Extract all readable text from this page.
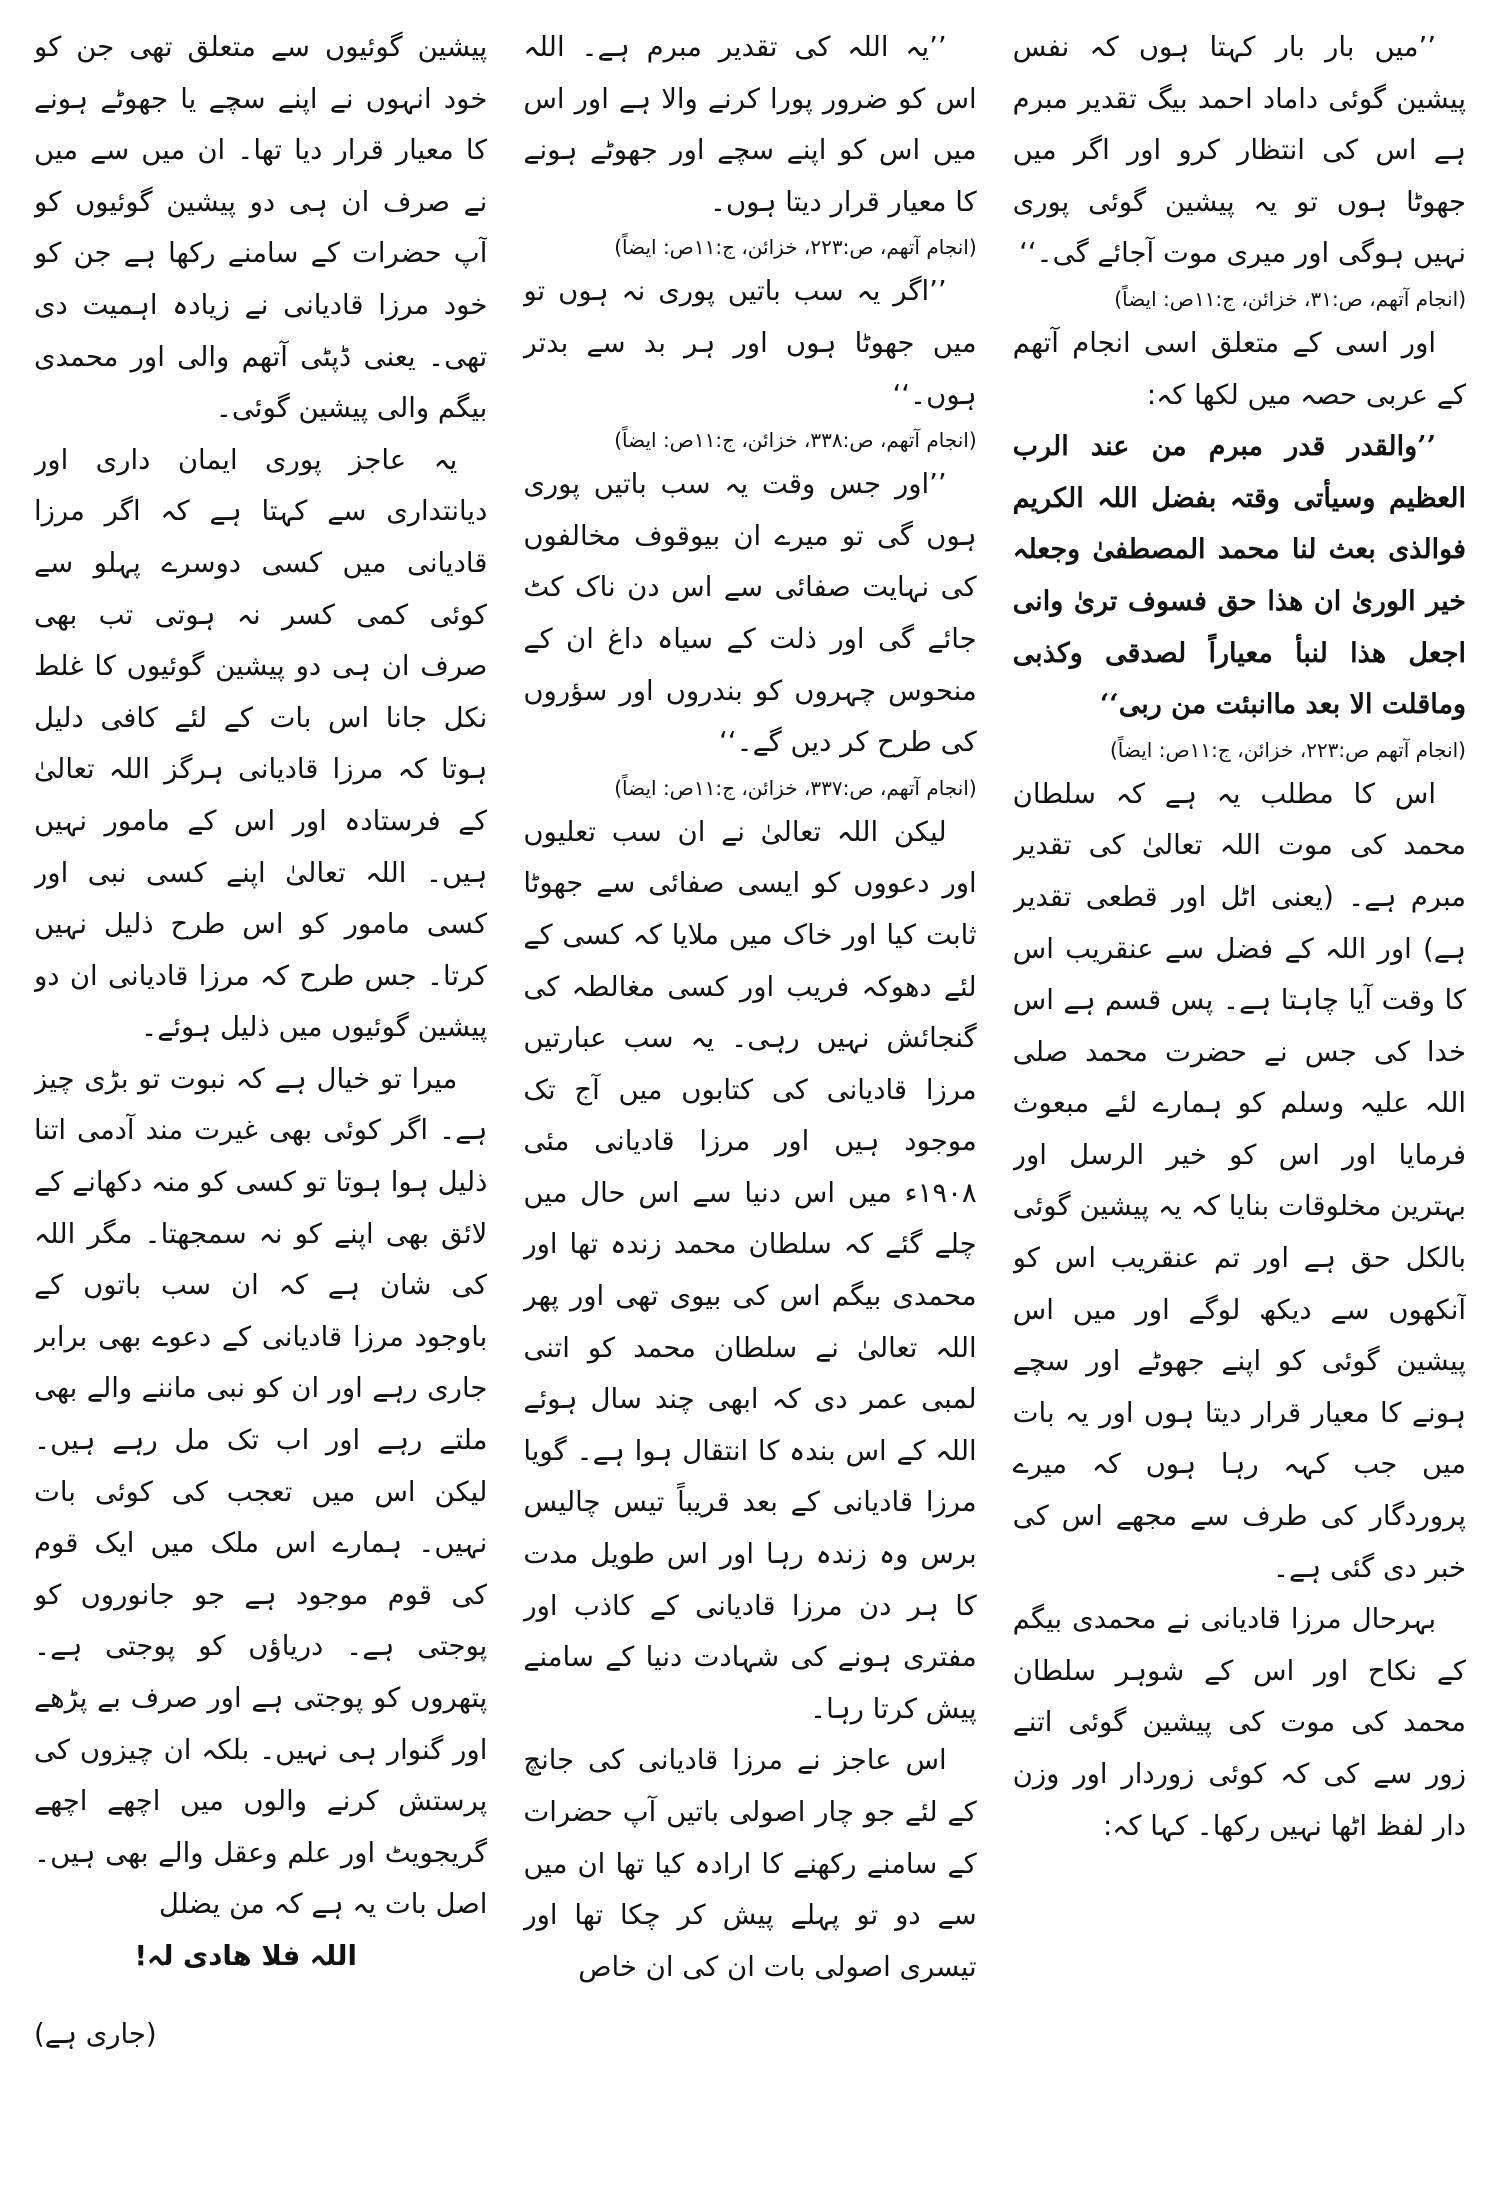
’’میں بار بار کہتا ہوں کہ نفس پیشین گوئی داماد احمد بیگ تقدیر مبرم ہے اس کی انتظار کرو اور اگر میں جھوٹا ہوں تو یہ پیشین گوئی پوری نہیں ہوگی اور میری موت آجائے گی۔‘‘
(انجام آتھم، ص:۳۱، خزائن، ج:۱۱ص: ایضاً)

اور اسی کے متعلق اسی انجام آتھم کے عربی حصہ میں لکھا کہ:

’’والقدر قدر مبرم من عند الرب العظیم وسیأتی وقتہ بفضل اللہ الکریم فوالذی بعث لنا محمد المصطفیٰ وجعلہ خیر الوریٰ ان ھذا حق فسوف تریٰ وانی اجعل ھذا لنبأ معیاراً لصدقی وکذبی وماقلت الا بعد ماانبئت من ربی‘‘
(انجام آتھم ص:۲۲۳، خزائن، ج:۱۱ص: ایضاً)

اس کا مطلب یہ ہے کہ سلطان محمد کی موت اللہ تعالیٰ کی تقدیر مبرم ہے۔ (یعنی اٹل اور قطعی تقدیر ہے) اور اللہ کے فضل سے عنقریب اس کا وقت آیا چاہتا ہے۔ پس قسم ہے اس خدا کی جس نے حضرت محمد صلی اللہ علیہ وسلم کو ہمارے لئے مبعوث فرمایا اور اس کو خیر الرسل اور بہترین مخلوقات بنایا کہ یہ پیشین گوئی بالکل حق ہے اور تم عنقریب اس کو آنکھوں سے دیکھ لوگے اور میں اس پیشین گوئی کو اپنے جھوٹے اور سچے ہونے کا معیار قرار دیتا ہوں اور یہ بات میں جب کہہ رہا ہوں کہ میرے پروردگار کی طرف سے مجھے اس کی خبر دی گئی ہے۔

بہرحال مرزا قادیانی نے محمدی بیگم کے نکاح اور اس کے شوہر سلطان محمد کی موت کی پیشین گوئی اتنے زور سے کی کہ کوئی زوردار اور وزن دار لفظ اٹھا نہیں رکھا۔ کہا کہ:

’’یہ اللہ کی تقدیر مبرم ہے۔ اللہ اس کو ضرور پورا کرنے والا ہے اور اس میں اس کو اپنے سچے اور جھوٹے ہونے کا معیار قرار دیتا ہوں۔
(انجام آتھم، ص:۲۲۳، خزائن، ج:۱۱ص: ایضاً)

’’اگر یہ سب باتیں پوری نہ ہوں تو میں جھوٹا ہوں اور ہر بد سے بدتر ہوں۔‘‘
(انجام آتھم، ص:۳۳۸، خزائن، ج:۱۱ص: ایضاً)

’’اور جس وقت یہ سب باتیں پوری ہوں گی تو میرے ان بیوقوف مخالفوں کی نہایت صفائی سے اس دن ناک کٹ جائے گی اور ذلت کے سیاہ داغ ان کے منحوس چہروں کو بندروں اور سؤروں کی طرح کر دیں گے۔‘‘
(انجام آتھم، ص:۳۳۷، خزائن، ج:۱۱ص: ایضاً)

لیکن اللہ تعالیٰ نے ان سب تعلیوں اور دعووں کو ایسی صفائی سے جھوٹا ثابت کیا اور خاک میں ملایا کہ کسی کے لئے دھوکہ فریب اور کسی مغالطہ کی گنجائش نہیں رہی۔ یہ سب عبارتیں مرزا قادیانی کی کتابوں میں آج تک موجود ہیں اور مرزا قادیانی مئی ۱۹۰۸ء میں اس دنیا سے اس حال میں چلے گئے کہ سلطان محمد زندہ تھا اور محمدی بیگم اس کی بیوی تھی اور پھر اللہ تعالیٰ نے سلطان محمد کو اتنی لمبی عمر دی کہ ابھی چند سال ہوئے اللہ کے اس بندہ کا انتقال ہوا ہے۔ گویا مرزا قادیانی کے بعد قریباً تیس چالیس برس وہ زندہ رہا اور اس طویل مدت کا ہر دن مرزا قادیانی کے کاذب اور مفتری ہونے کی شہادت دنیا کے سامنے پیش کرتا رہا۔

اس عاجز نے مرزا قادیانی کی جانچ کے لئے جو چار اصولی باتیں آپ حضرات کے سامنے رکھنے کا ارادہ کیا تھا ان میں سے دو تو پہلے پیش کر چکا تھا اور تیسری اصولی بات ان کی ان خاص

پیشین گوئیوں سے متعلق تھی جن کو خود انہوں نے اپنے سچے یا جھوٹے ہونے کا معیار قرار دیا تھا۔ ان میں سے میں نے صرف ان ہی دو پیشین گوئیوں کو آپ حضرات کے سامنے رکھا ہے جن کو خود مرزا قادیانی نے زیادہ اہمیت دی تھی۔ یعنی ڈپٹی آتھم والی اور محمدی بیگم والی پیشین گوئی۔

یہ عاجز پوری ایمان داری اور دیانتداری سے کہتا ہے کہ اگر مرزا قادیانی میں کسی دوسرے پہلو سے کوئی کمی کسر نہ ہوتی تب بھی صرف ان ہی دو پیشین گوئیوں کا غلط نکل جانا اس بات کے لئے کافی دلیل ہوتا کہ مرزا قادیانی ہرگز اللہ تعالیٰ کے فرستادہ اور اس کے مامور نہیں ہیں۔ اللہ تعالیٰ اپنے کسی نبی اور کسی مامور کو اس طرح ذلیل نہیں کرتا۔ جس طرح کہ مرزا قادیانی ان دو پیشین گوئیوں میں ذلیل ہوئے۔

میرا تو خیال ہے کہ نبوت تو بڑی چیز ہے۔ اگر کوئی بھی غیرت مند آدمی اتنا ذلیل ہوا ہوتا تو کسی کو منہ دکھانے کے لائق بھی اپنے کو نہ سمجھتا۔ مگر اللہ کی شان ہے کہ ان سب باتوں کے باوجود مرزا قادیانی کے دعوے بھی برابر جاری رہے اور ان کو نبی ماننے والے بھی ملتے رہے اور اب تک مل رہے ہیں۔ لیکن اس میں تعجب کی کوئی بات نہیں۔ ہمارے اس ملک میں ایک قوم کی قوم موجود ہے جو جانوروں کو پوجتی ہے۔ دریاؤں کو پوجتی ہے۔ پتھروں کو پوجتی ہے اور صرف بے پڑھے اور گنوار ہی نہیں۔ بلکہ ان چیزوں کی پرستش کرنے والوں میں اچھے اچھے گریجویٹ اور علم وعقل والے بھی ہیں۔ اصل بات یہ ہے کہ من یضلل

اللہ فلا ھادی لہ!

(جاری ہے)
